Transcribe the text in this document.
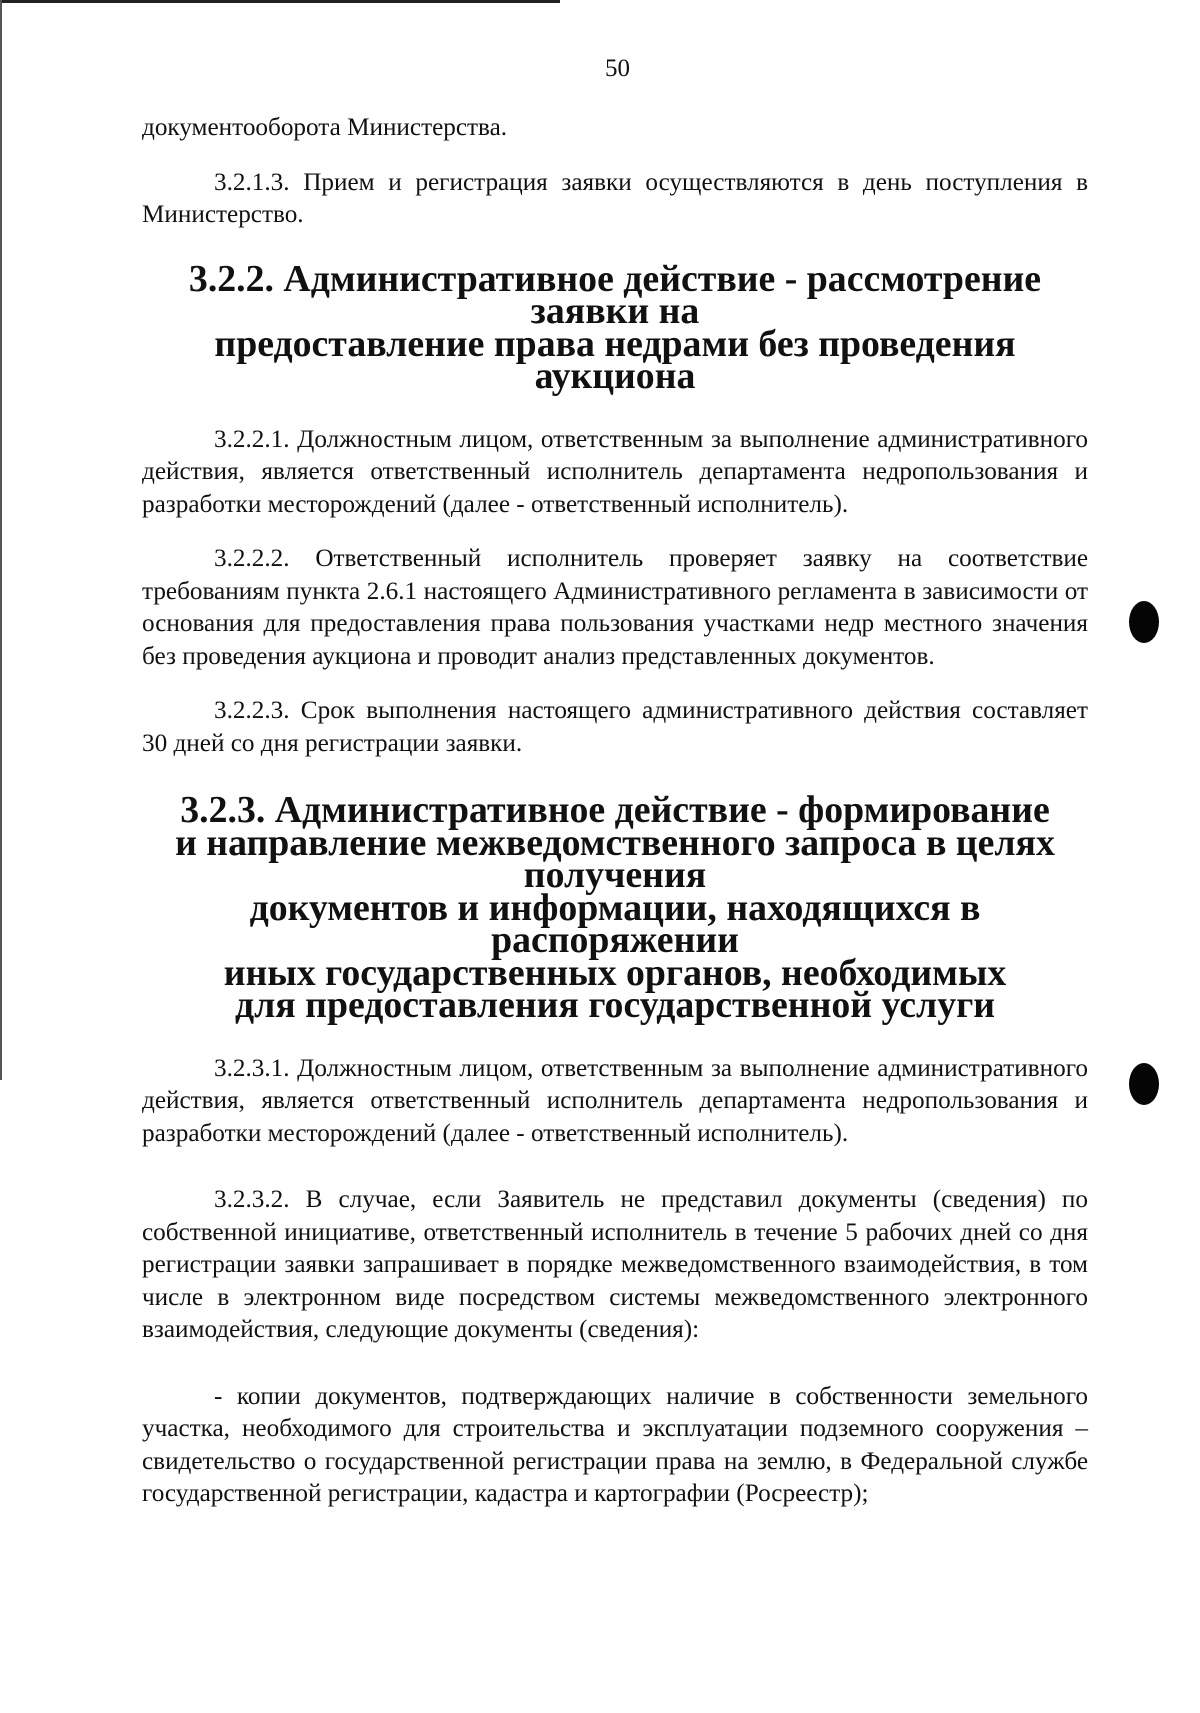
50

документооборота Министерства.

3.2.1.3. Прием и регистрация заявки осуществляются в день поступления в Министерство.

3.2.2. Административное действие - рассмотрение заявки на
предоставление права недрами без проведения аукциона

3.2.2.1. Должностным лицом, ответственным за выполнение административного действия, является ответственный исполнитель департамента недропользования и разработки месторождений (далее - ответственный исполнитель).

3.2.2.2. Ответственный исполнитель проверяет заявку на соответствие требованиям пункта 2.6.1 настоящего Административного регламента в зависимости от основания для предоставления права пользования участками недр местного значения без проведения аукциона и проводит анализ представленных документов.

3.2.2.3. Срок выполнения настоящего административного действия составляет 30 дней со дня регистрации заявки.

3.2.3. Административное действие - формирование
и направление межведомственного запроса в целях получения
документов и информации, находящихся в распоряжении
иных государственных органов, необходимых
для предоставления государственной услуги

3.2.3.1. Должностным лицом, ответственным за выполнение административного действия, является ответственный исполнитель департамента недропользования и разработки месторождений (далее - ответственный исполнитель).

3.2.3.2. В случае, если Заявитель не представил документы (сведения) по собственной инициативе, ответственный исполнитель в течение 5 рабочих дней со дня регистрации заявки запрашивает в порядке межведомственного взаимодействия, в том числе в электронном виде посредством системы межведомственного электронного взаимодействия, следующие документы (сведения):

- копии документов, подтверждающих наличие в собственности земельного участка, необходимого для строительства и эксплуатации подземного сооружения – свидетельство о государственной регистрации права на землю, в Федеральной службе государственной регистрации, кадастра и картографии (Росреестр);
